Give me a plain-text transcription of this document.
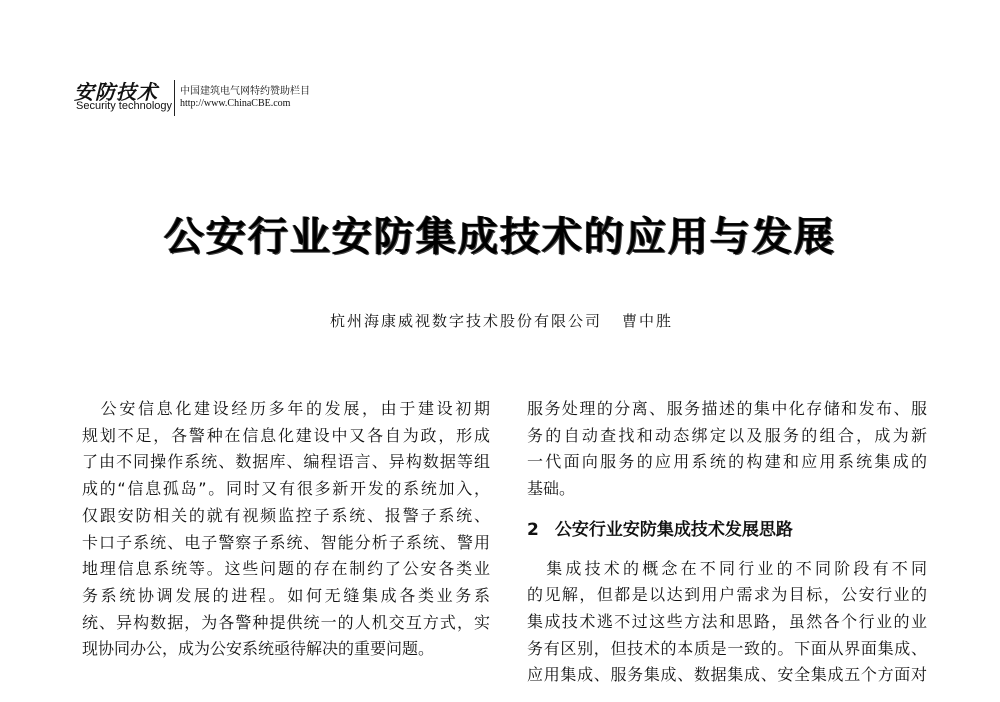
安防技术
Security technology
中国建筑电气网特约赞助栏目
http://www.ChinaCBE.com
公安行业安防集成技术的应用与发展
杭州海康威视数字技术股份有限公司 曹中胜

　公安信息化建设经历多年的发展，由于建设初期

规划不足，各警种在信息化建设中又各自为政，形成

了由不同操作系统、数据库、编程语言、异构数据等组

成的“信息孤岛”。同时又有很多新开发的系统加入，

仅跟安防相关的就有视频监控子系统、报警子系统、

卡口子系统、电子警察子系统、智能分析子系统、警用

地理信息系统等。这些问题的存在制约了公安各类业

务系统协调发展的进程。如何无缝集成各类业务系

统、异构数据，为各警种提供统一的人机交互方式，实

现协同办公，成为公安系统亟待解决的重要问题。

服务处理的分离、服务描述的集中化存储和发布、服

务的自动查找和动态绑定以及服务的组合，成为新

一代面向服务的应用系统的构建和应用系统集成的

基础。

2 公安行业安防集成技术发展思路

　集成技术的概念在不同行业的不同阶段有不同

的见解，但都是以达到用户需求为目标，公安行业的

集成技术逃不过这些方法和思路，虽然各个行业的业

务有区别，但技术的本质是一致的。下面从界面集成、

应用集成、服务集成、数据集成、安全集成五个方面对
